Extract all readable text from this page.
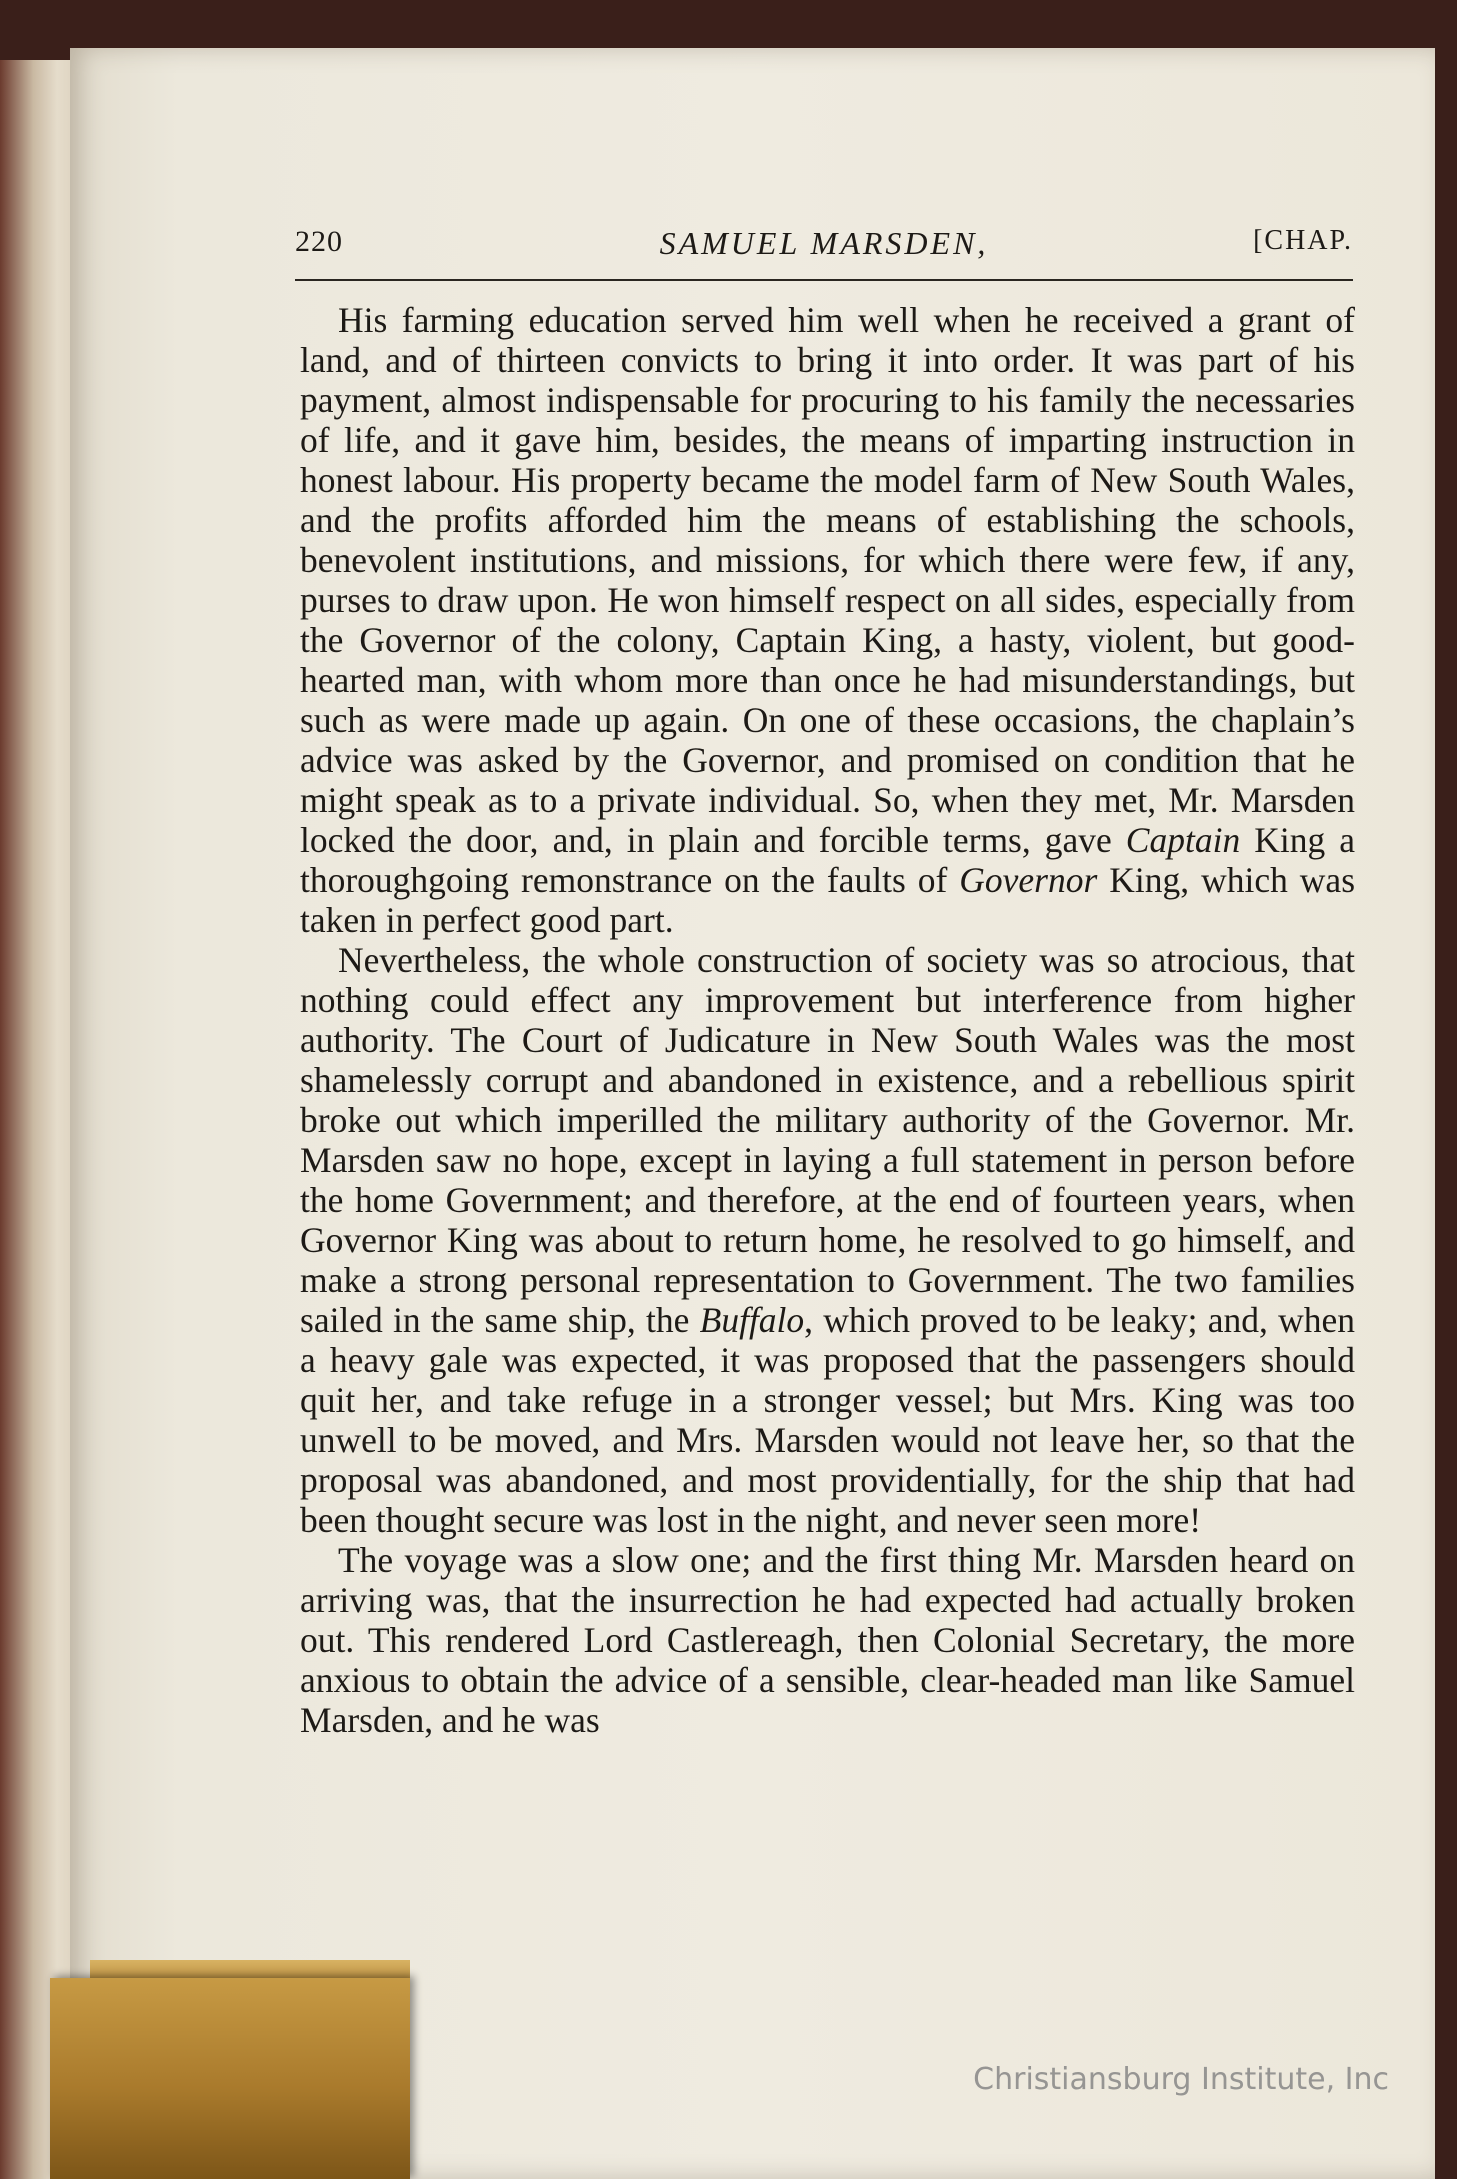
220	SAMUEL MARSDEN,	[CHAP.

His farming education served him well when he received a grant of land, and of thirteen convicts to bring it into order. It was part of his payment, almost indispensable for procuring to his family the necessaries of life, and it gave him, besides, the means of imparting instruction in honest labour. His property became the model farm of New South Wales, and the profits afforded him the means of establishing the schools, benevolent institutions, and missions, for which there were few, if any, purses to draw upon. He won himself respect on all sides, especially from the Governor of the colony, Captain King, a hasty, violent, but good-hearted man, with whom more than once he had misunderstandings, but such as were made up again. On one of these occasions, the chaplain’s advice was asked by the Governor, and promised on condition that he might speak as to a private individual. So, when they met, Mr. Marsden locked the door, and, in plain and forcible terms, gave Captain King a thoroughgoing remonstrance on the faults of Governor King, which was taken in perfect good part.

Nevertheless, the whole construction of society was so atrocious, that nothing could effect any improvement but interference from higher authority. The Court of Judicature in New South Wales was the most shamelessly corrupt and abandoned in existence, and a rebellious spirit broke out which imperilled the military authority of the Governor. Mr. Marsden saw no hope, except in laying a full statement in person before the home Government; and therefore, at the end of fourteen years, when Governor King was about to return home, he resolved to go himself, and make a strong personal representation to Government. The two families sailed in the same ship, the Buffalo, which proved to be leaky; and, when a heavy gale was expected, it was proposed that the passengers should quit her, and take refuge in a stronger vessel; but Mrs. King was too unwell to be moved, and Mrs. Marsden would not leave her, so that the proposal was abandoned, and most providentially, for the ship that had been thought secure was lost in the night, and never seen more!

The voyage was a slow one; and the first thing Mr. Marsden heard on arriving was, that the insurrection he had expected had actually broken out. This rendered Lord Castlereagh, then Colonial Secretary, the more anxious to obtain the advice of a sensible, clear-headed man like Samuel Marsden, and he was

Christiansburg Institute, Inc
